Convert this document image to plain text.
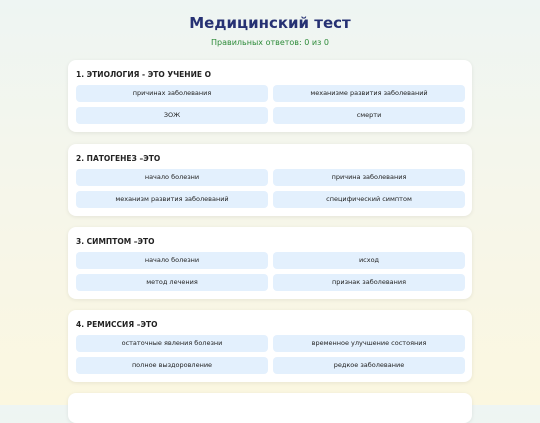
Медицинский тест
Правильных ответов: 0 из 0
1. ЭТИОЛОГИЯ - ЭТО УЧЕНИЕ О
причинах заболевания	механизме развития заболеваний
ЗОЖ	смерти
2. ПАТОГЕНЕЗ –ЭТО
начало болезни	причина заболевания
механизм развития заболеваний	специфический симптом
3. СИМПТОМ –ЭТО
начало болезни	исход
метод лечения	признак заболевания
4. РЕМИССИЯ –ЭТО
остаточные явления болезни	временное улучшение состояния
полное выздоровление	редкое заболевание
